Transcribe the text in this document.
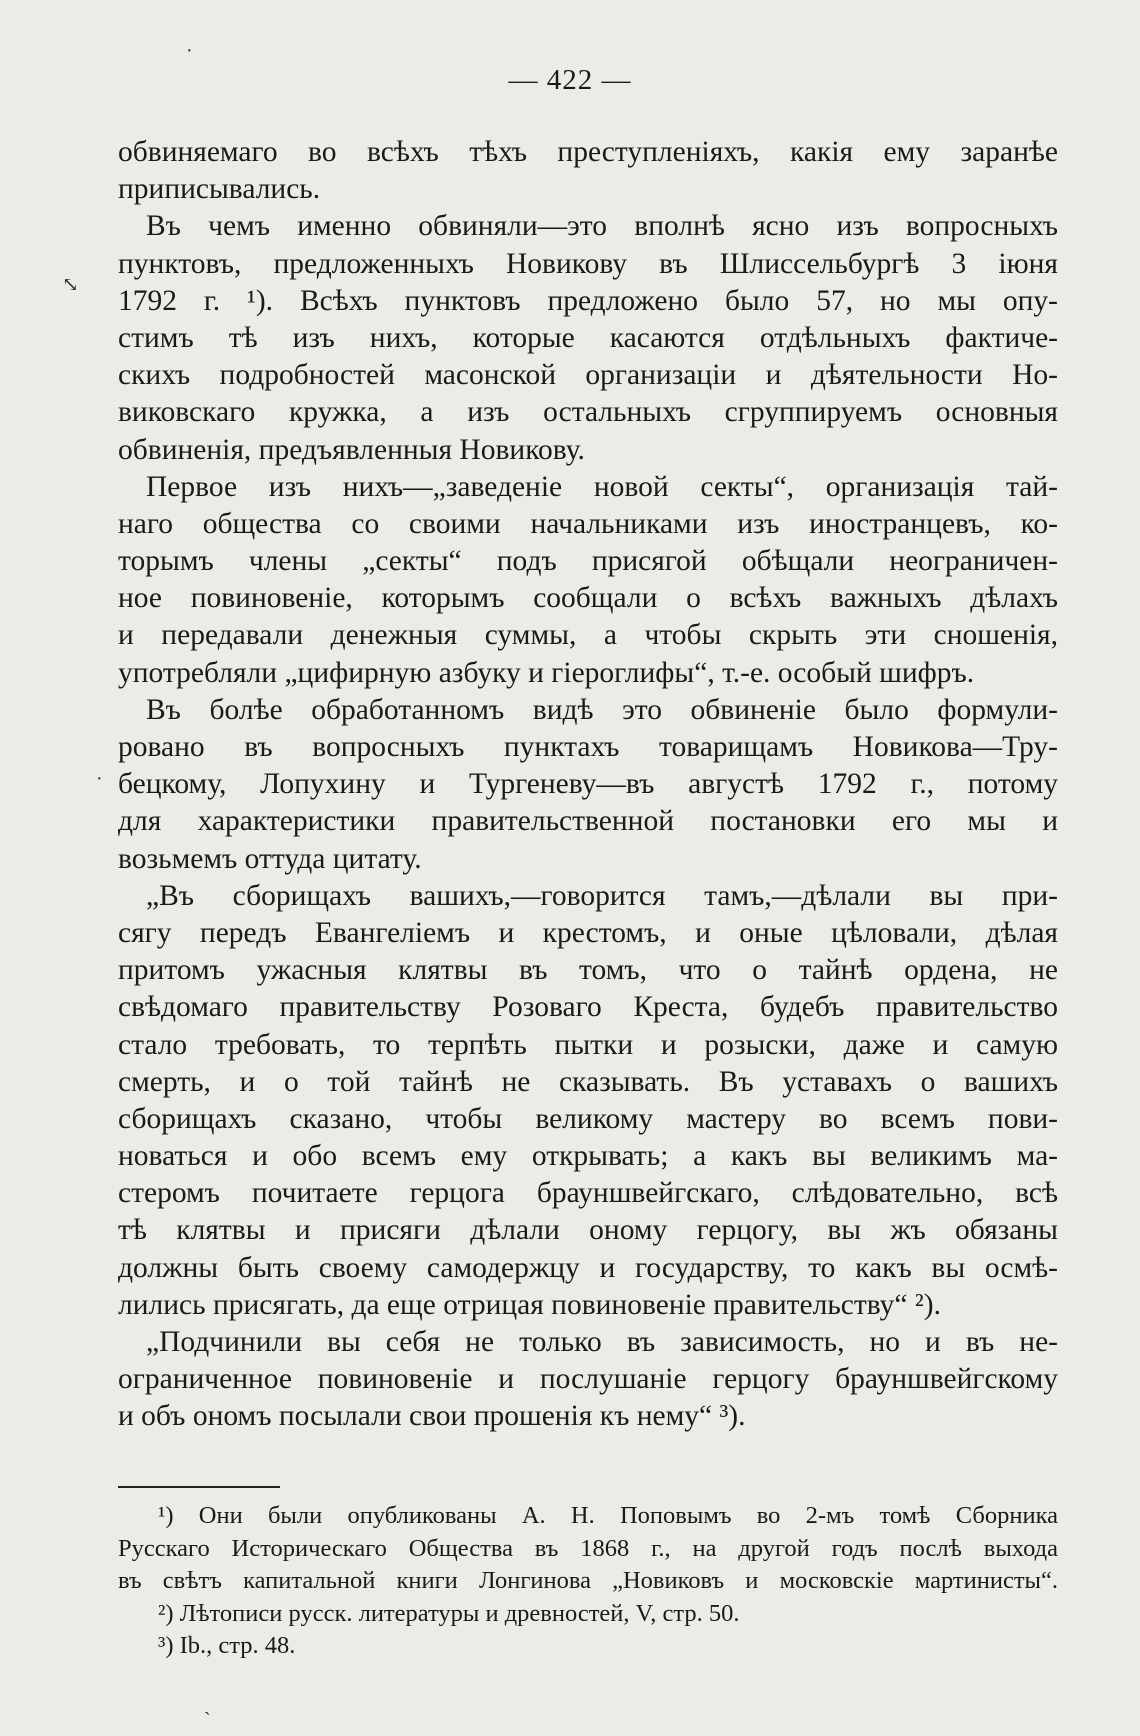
— 422 —
обвиняемаго во всѣхъ тѣхъ преступленіяхъ, какія ему заранѣе
приписывались.
Въ чемъ именно обвиняли—это вполнѣ ясно изъ вопросныхъ
пунктовъ, предложенныхъ Новикову въ Шлиссельбургѣ 3 іюня
1792 г. ¹). Всѣхъ пунктовъ предложено было 57, но мы опу-
стимъ тѣ изъ нихъ, которые касаются отдѣльныхъ фактиче-
скихъ подробностей масонской организаціи и дѣятельности Но-
виковскаго кружка, а изъ остальныхъ сгруппируемъ основныя
обвиненія, предъявленныя Новикову.
Первое изъ нихъ—„заведеніе новой секты“, организація тай-
наго общества со своими начальниками изъ иностранцевъ, ко-
торымъ члены „секты“ подъ присягой обѣщали неограничен-
ное повиновеніе, которымъ сообщали о всѣхъ важныхъ дѣлахъ
и передавали денежныя суммы, а чтобы скрыть эти сношенія,
употребляли „цифирную азбуку и гіероглифы“, т.-е. особый шифръ.
Въ болѣе обработанномъ видѣ это обвиненіе было формули-
ровано въ вопросныхъ пунктахъ товарищамъ Новикова—Тру-
бецкому, Лопухину и Тургеневу—въ августѣ 1792 г., потому
для характеристики правительственной постановки его мы и
возьмемъ оттуда цитату.
„Въ сборищахъ вашихъ,—говорится тамъ,—дѣлали вы при-
сягу передъ Евангеліемъ и крестомъ, и оные цѣловали, дѣлая
притомъ ужасныя клятвы въ томъ, что о тайнѣ ордена, не
свѣдомаго правительству Розоваго Креста, будебъ правительство
стало требовать, то терпѣть пытки и розыски, даже и самую
смерть, и о той тайнѣ не сказывать. Въ уставахъ о вашихъ
сборищахъ сказано, чтобы великому мастеру во всемъ пови-
новаться и обо всемъ ему открывать; а какъ вы великимъ ма-
стеромъ почитаете герцога брауншвейгскаго, слѣдовательно, всѣ
тѣ клятвы и присяги дѣлали оному герцогу, вы жъ обязаны
должны быть своему самодержцу и государству, то какъ вы осмѣ-
лились присягать, да еще отрицая повиновеніе правительству“ ²).
„Подчинили вы себя не только въ зависимость, но и въ не-
ограниченное повиновеніе и послушаніе герцогу брауншвейгскому
и объ ономъ посылали свои прошенія къ нему“ ³).
¹) Они были опубликованы А. Н. Поповымъ во 2-мъ томѣ Сборника
Русскаго Историческаго Общества въ 1868 г., на другой годъ послѣ выхода
въ свѣтъ капитальной книги Лонгинова „Новиковъ и московскіе мартинисты“.
²) Лѣтописи русск. литературы и древностей, V, стр. 50.
³) Ib., стр. 48.
·
⤡
·
˴
